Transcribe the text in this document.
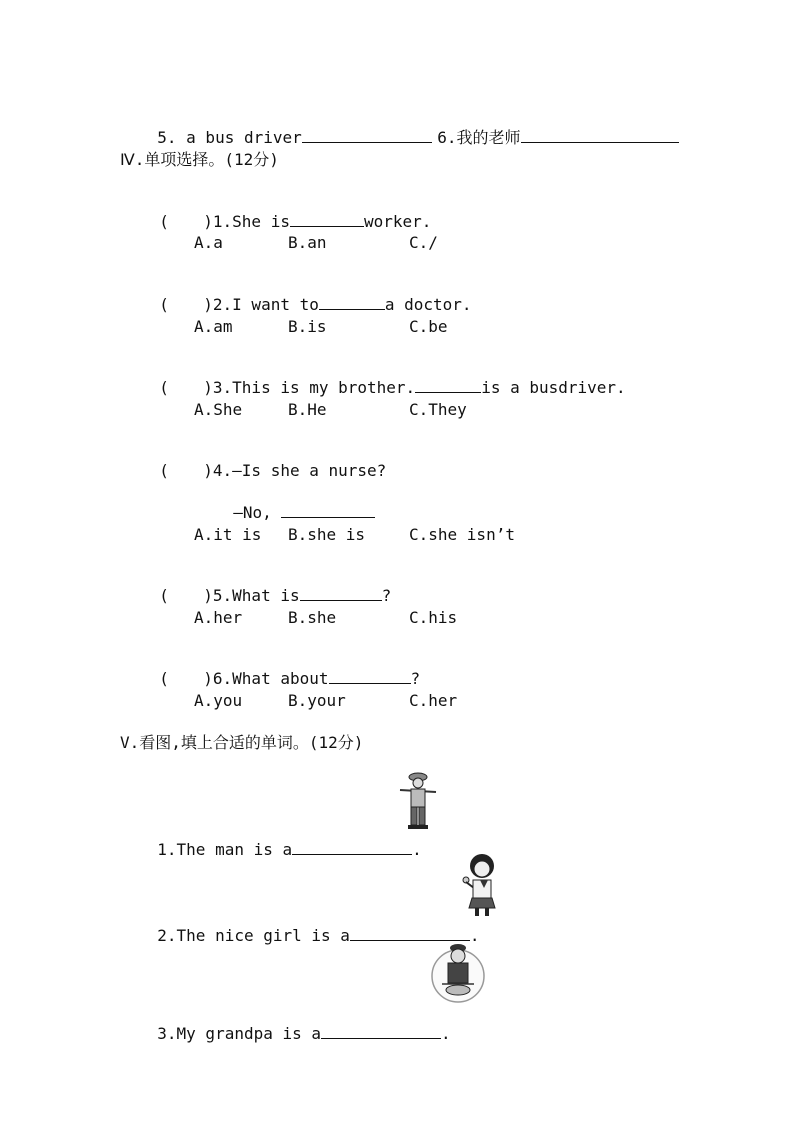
5. a bus driver	6.我的老师

Ⅳ.单项选择。(12分)

( )1.She is	worker.

A.a	B.an	C./

( )2.I want to	a doctor.

A.am	B.is	C.be

( )3.This is my brother.	is a busdriver.

A.She	B.He	C.They

( )4.—Is she a nurse?

—No,

A.it is B.she is	C.she isn’t

( )5.What is	?

A.her	B.she	C.his

( )6.What about	?

A.you	B.your	C.her
V.看图,填上合适的单词。(12分)

1.The man is a	.

2.The nice girl is a	.

3.My grandpa is a	.
